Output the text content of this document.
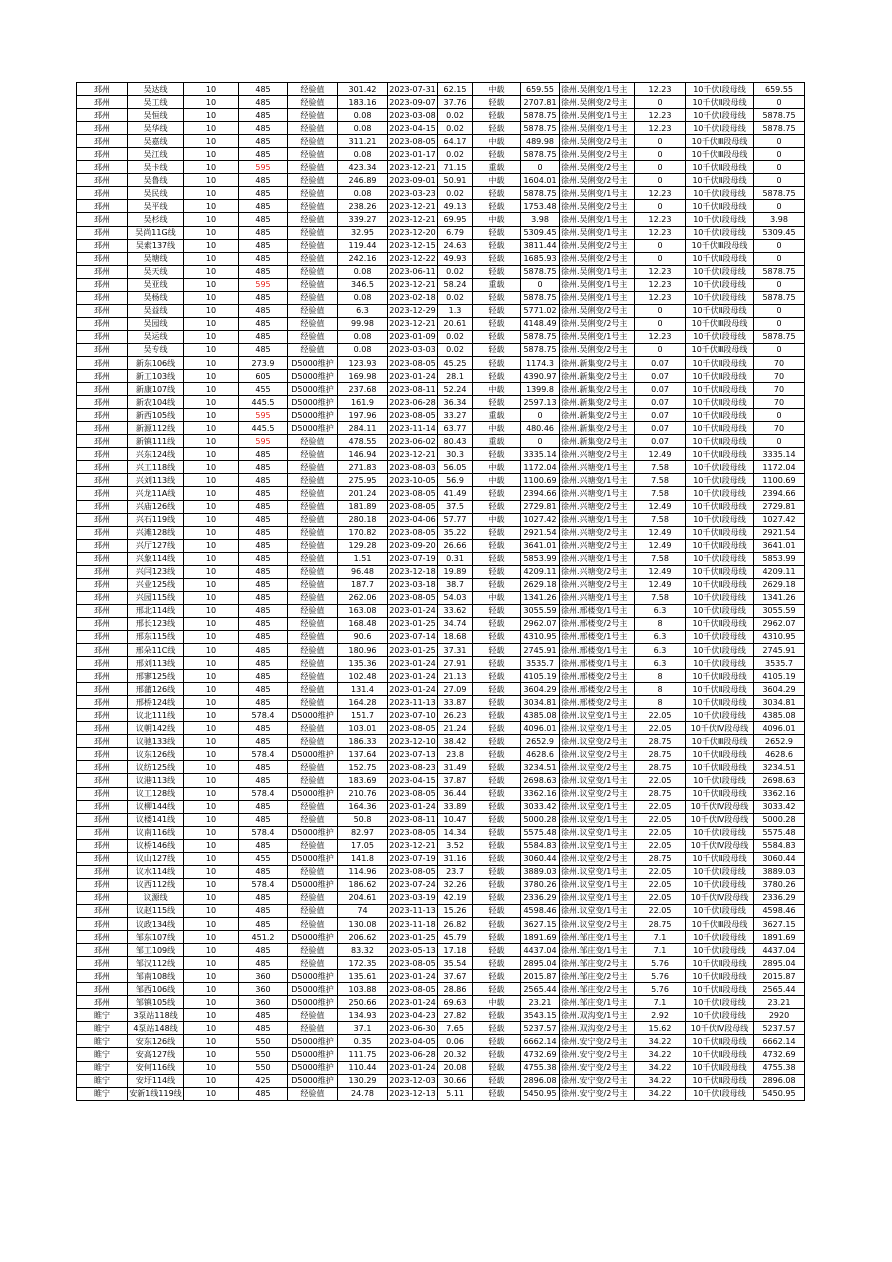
邳州	吴达线	10	485	经验值	301.42	2023-07-31	62.15	中载	659.55	徐州.吴俐变/1号主	12.23	10千伏Ⅰ段母线	659.55
邳州	吴工线	10	485	经验值	183.16	2023-09-07	37.76	轻载	2707.81	徐州.吴俐变/2号主	0	10千伏Ⅱ段母线	0
邳州	吴恒线	10	485	经验值	0.08	2023-03-08	0.02	轻载	5878.75	徐州.吴俐变/1号主	12.23	10千伏Ⅰ段母线	5878.75
邳州	吴华线	10	485	经验值	0.08	2023-04-15	0.02	轻载	5878.75	徐州.吴俐变/1号主	12.23	10千伏Ⅰ段母线	5878.75
邳州	吴嘉线	10	485	经验值	311.21	2023-08-05	64.17	中载	489.98	徐州.吴俐变/2号主	0	10千伏Ⅲ段母线	0
邳州	吴江线	10	485	经验值	0.08	2023-01-17	0.02	轻载	5878.75	徐州.吴俐变/2号主	0	10千伏Ⅲ段母线	0
邳州	吴卡线	10	595	经验值	423.34	2023-12-21	71.15	重载	0	徐州.吴俐变/2号主	0	10千伏Ⅱ段母线	0
邳州	吴鲁线	10	485	经验值	246.89	2023-09-01	50.91	中载	1604.01	徐州.吴俐变/2号主	0	10千伏Ⅱ段母线	0
邳州	吴民线	10	485	经验值	0.08	2023-03-23	0.02	轻载	5878.75	徐州.吴俐变/1号主	12.23	10千伏Ⅰ段母线	5878.75
邳州	吴平线	10	485	经验值	238.26	2023-12-21	49.13	轻载	1753.48	徐州.吴俐变/2号主	0	10千伏Ⅱ段母线	0
邳州	吴杉线	10	485	经验值	339.27	2023-12-21	69.95	中载	3.98	徐州.吴俐变/1号主	12.23	10千伏Ⅰ段母线	3.98
邳州	吴尚11G线	10	485	经验值	32.95	2023-12-20	6.79	轻载	5309.45	徐州.吴俐变/1号主	12.23	10千伏Ⅰ段母线	5309.45
邳州	吴索137线	10	485	经验值	119.44	2023-12-15	24.63	轻载	3811.44	徐州.吴俐变/2号主	0	10千伏Ⅲ段母线	0
邳州	吴塘线	10	485	经验值	242.16	2023-12-22	49.93	轻载	1685.93	徐州.吴俐变/2号主	0	10千伏Ⅱ段母线	0
邳州	吴天线	10	485	经验值	0.08	2023-06-11	0.02	轻载	5878.75	徐州.吴俐变/1号主	12.23	10千伏Ⅰ段母线	5878.75
邳州	吴亚线	10	595	经验值	346.5	2023-12-21	58.24	重载	0	徐州.吴俐变/1号主	12.23	10千伏Ⅰ段母线	0
邳州	吴杨线	10	485	经验值	0.08	2023-02-18	0.02	轻载	5878.75	徐州.吴俐变/1号主	12.23	10千伏Ⅰ段母线	5878.75
邳州	吴益线	10	485	经验值	6.3	2023-12-29	1.3	轻载	5771.02	徐州.吴俐变/2号主	0	10千伏Ⅱ段母线	0
邳州	吴园线	10	485	经验值	99.98	2023-12-21	20.61	轻载	4148.49	徐州.吴俐变/2号主	0	10千伏Ⅲ段母线	0
邳州	吴运线	10	485	经验值	0.08	2023-01-09	0.02	轻载	5878.75	徐州.吴俐变/1号主	12.23	10千伏Ⅰ段母线	5878.75
邳州	吴专线	10	485	经验值	0.08	2023-03-03	0.02	轻载	5878.75	徐州.吴俐变/2号主	0	10千伏Ⅲ段母线	0
邳州	新东106线	10	273.9	D5000维护	123.93	2023-08-05	45.25	轻载	1174.3	徐州.新集变/2号主	0.07	10千伏Ⅱ段母线	70
邳州	新工103线	10	605	D5000维护	169.98	2023-01-24	28.1	轻载	4390.97	徐州.新集变/2号主	0.07	10千伏Ⅱ段母线	70
邳州	新康107线	10	455	D5000维护	237.68	2023-08-11	52.24	中载	1399.8	徐州.新集变/2号主	0.07	10千伏Ⅱ段母线	70
邳州	新农104线	10	445.5	D5000维护	161.9	2023-06-28	36.34	轻载	2597.13	徐州.新集变/2号主	0.07	10千伏Ⅱ段母线	70
邳州	新西105线	10	595	D5000维护	197.96	2023-08-05	33.27	重载	0	徐州.新集变/2号主	0.07	10千伏Ⅱ段母线	0
邳州	新源112线	10	445.5	D5000维护	284.11	2023-11-14	63.77	中载	480.46	徐州.新集变/2号主	0.07	10千伏Ⅱ段母线	70
邳州	新镇111线	10	595	经验值	478.55	2023-06-02	80.43	重载	0	徐州.新集变/2号主	0.07	10千伏Ⅱ段母线	0
邳州	兴东124线	10	485	经验值	146.94	2023-12-21	30.3	轻载	3335.14	徐州.兴塘变/2号主	12.49	10千伏Ⅱ段母线	3335.14
邳州	兴工118线	10	485	经验值	271.83	2023-08-03	56.05	中载	1172.04	徐州.兴塘变/1号主	7.58	10千伏Ⅰ段母线	1172.04
邳州	兴刘113线	10	485	经验值	275.95	2023-10-05	56.9	中载	1100.69	徐州.兴塘变/1号主	7.58	10千伏Ⅰ段母线	1100.69
邳州	兴龙11A线	10	485	经验值	201.24	2023-08-05	41.49	轻载	2394.66	徐州.兴塘变/1号主	7.58	10千伏Ⅰ段母线	2394.66
邳州	兴庙126线	10	485	经验值	181.89	2023-08-05	37.5	轻载	2729.81	徐州.兴塘变/2号主	12.49	10千伏Ⅱ段母线	2729.81
邳州	兴石119线	10	485	经验值	280.18	2023-04-06	57.77	中载	1027.42	徐州.兴塘变/1号主	7.58	10千伏Ⅰ段母线	1027.42
邳州	兴滩128线	10	485	经验值	170.82	2023-08-05	35.22	轻载	2921.54	徐州.兴塘变/2号主	12.49	10千伏Ⅱ段母线	2921.54
邳州	兴厅127线	10	485	经验值	129.28	2023-09-20	26.66	轻载	3641.01	徐州.兴塘变/2号主	12.49	10千伏Ⅱ段母线	3641.01
邳州	兴象114线	10	485	经验值	1.51	2023-07-19	0.31	轻载	5853.99	徐州.兴塘变/1号主	7.58	10千伏Ⅰ段母线	5853.99
邳州	兴闫123线	10	485	经验值	96.48	2023-12-18	19.89	轻载	4209.11	徐州.兴塘变/2号主	12.49	10千伏Ⅱ段母线	4209.11
邳州	兴业125线	10	485	经验值	187.7	2023-03-18	38.7	轻载	2629.18	徐州.兴塘变/2号主	12.49	10千伏Ⅱ段母线	2629.18
邳州	兴园115线	10	485	经验值	262.06	2023-08-05	54.03	中载	1341.26	徐州.兴塘变/1号主	7.58	10千伏Ⅰ段母线	1341.26
邳州	邢北114线	10	485	经验值	163.08	2023-01-24	33.62	轻载	3055.59	徐州.邢楼变/1号主	6.3	10千伏Ⅰ段母线	3055.59
邳州	邢长123线	10	485	经验值	168.48	2023-01-25	34.74	轻载	2962.07	徐州.邢楼变/2号主	8	10千伏Ⅱ段母线	2962.07
邳州	邢东115线	10	485	经验值	90.6	2023-07-14	18.68	轻载	4310.95	徐州.邢楼变/1号主	6.3	10千伏Ⅰ段母线	4310.95
邳州	邢朵11C线	10	485	经验值	180.96	2023-01-25	37.31	轻载	2745.91	徐州.邢楼变/1号主	6.3	10千伏Ⅰ段母线	2745.91
邳州	邢刘113线	10	485	经验值	135.36	2023-01-24	27.91	轻载	3535.7	徐州.邢楼变/1号主	6.3	10千伏Ⅰ段母线	3535.7
邳州	邢寥125线	10	485	经验值	102.48	2023-01-24	21.13	轻载	4105.19	徐州.邢楼变/2号主	8	10千伏Ⅱ段母线	4105.19
邳州	邢蒲126线	10	485	经验值	131.4	2023-01-24	27.09	轻载	3604.29	徐州.邢楼变/2号主	8	10千伏Ⅱ段母线	3604.29
邳州	邢桥124线	10	485	经验值	164.28	2023-11-13	33.87	轻载	3034.81	徐州.邢楼变/2号主	8	10千伏Ⅱ段母线	3034.81
邳州	议北111线	10	578.4	D5000维护	151.7	2023-07-10	26.23	轻载	4385.08	徐州.议堂变/1号主	22.05	10千伏Ⅰ段母线	4385.08
邳州	议朝142线	10	485	经验值	103.01	2023-08-05	21.24	轻载	4096.01	徐州.议堂变/1号主	22.05	10千伏Ⅳ段母线	4096.01
邳州	议驰133线	10	485	经验值	186.33	2023-12-10	38.42	轻载	2652.9	徐州.议堂变/2号主	28.75	10千伏Ⅲ段母线	2652.9
邳州	议东126线	10	578.4	D5000维护	137.64	2023-07-13	23.8	轻载	4628.6	徐州.议堂变/2号主	28.75	10千伏Ⅱ段母线	4628.6
邳州	议纺125线	10	485	经验值	152.75	2023-08-23	31.49	轻载	3234.51	徐州.议堂变/2号主	28.75	10千伏Ⅱ段母线	3234.51
邳州	议港113线	10	485	经验值	183.69	2023-04-15	37.87	轻载	2698.63	徐州.议堂变/1号主	22.05	10千伏Ⅰ段母线	2698.63
邳州	议工128线	10	578.4	D5000维护	210.76	2023-08-05	36.44	轻载	3362.16	徐州.议堂变/2号主	28.75	10千伏Ⅱ段母线	3362.16
邳州	议柳144线	10	485	经验值	164.36	2023-01-24	33.89	轻载	3033.42	徐州.议堂变/1号主	22.05	10千伏Ⅳ段母线	3033.42
邳州	议楼141线	10	485	经验值	50.8	2023-08-11	10.47	轻载	5000.28	徐州.议堂变/1号主	22.05	10千伏Ⅳ段母线	5000.28
邳州	议南116线	10	578.4	D5000维护	82.97	2023-08-05	14.34	轻载	5575.48	徐州.议堂变/1号主	22.05	10千伏Ⅰ段母线	5575.48
邳州	议桥146线	10	485	经验值	17.05	2023-12-21	3.52	轻载	5584.83	徐州.议堂变/1号主	22.05	10千伏Ⅳ段母线	5584.83
邳州	议山127线	10	455	D5000维护	141.8	2023-07-19	31.16	轻载	3060.44	徐州.议堂变/2号主	28.75	10千伏Ⅱ段母线	3060.44
邳州	议水114线	10	485	经验值	114.96	2023-08-05	23.7	轻载	3889.03	徐州.议堂变/1号主	22.05	10千伏Ⅰ段母线	3889.03
邳州	议西112线	10	578.4	D5000维护	186.62	2023-07-24	32.26	轻载	3780.26	徐州.议堂变/1号主	22.05	10千伏Ⅰ段母线	3780.26
邳州	议源线	10	485	经验值	204.61	2023-03-19	42.19	轻载	2336.29	徐州.议堂变/1号主	22.05	10千伏Ⅳ段母线	2336.29
邳州	议赵115线	10	485	经验值	74	2023-11-13	15.26	轻载	4598.46	徐州.议堂变/1号主	22.05	10千伏Ⅰ段母线	4598.46
邳州	议政134线	10	485	经验值	130.08	2023-11-18	26.82	轻载	3627.15	徐州.议堂变/2号主	28.75	10千伏Ⅲ段母线	3627.15
邳州	邹东107线	10	451.2	D5000维护	206.62	2023-01-25	45.79	轻载	1891.69	徐州.邹庄变/1号主	7.1	10千伏Ⅰ段母线	1891.69
邳州	邹工109线	10	485	经验值	83.32	2023-05-13	17.18	轻载	4437.04	徐州.邹庄变/1号主	7.1	10千伏Ⅰ段母线	4437.04
邳州	邹汉112线	10	485	经验值	172.35	2023-08-05	35.54	轻载	2895.04	徐州.邹庄变/2号主	5.76	10千伏Ⅱ段母线	2895.04
邳州	邹南108线	10	360	D5000维护	135.61	2023-01-24	37.67	轻载	2015.87	徐州.邹庄变/2号主	5.76	10千伏Ⅱ段母线	2015.87
邳州	邹西106线	10	360	D5000维护	103.88	2023-08-05	28.86	轻载	2565.44	徐州.邹庄变/2号主	5.76	10千伏Ⅱ段母线	2565.44
邳州	邹镇105线	10	360	D5000维护	250.66	2023-01-24	69.63	中载	23.21	徐州.邹庄变/1号主	7.1	10千伏Ⅰ段母线	23.21
睢宁	3泵站118线	10	485	经验值	134.93	2023-04-23	27.82	轻载	3543.15	徐州.双沟变/1号主	2.92	10千伏Ⅰ段母线	2920
睢宁	4泵站148线	10	485	经验值	37.1	2023-06-30	7.65	轻载	5237.57	徐州.双沟变/2号主	15.62	10千伏Ⅳ段母线	5237.57
睢宁	安东126线	10	550	D5000维护	0.35	2023-04-05	0.06	轻载	6662.14	徐州.安宁变/2号主	34.22	10千伏Ⅱ段母线	6662.14
睢宁	安高127线	10	550	D5000维护	111.75	2023-06-28	20.32	轻载	4732.69	徐州.安宁变/2号主	34.22	10千伏Ⅱ段母线	4732.69
睢宁	安何116线	10	550	D5000维护	110.44	2023-01-24	20.08	轻载	4755.38	徐州.安宁变/2号主	34.22	10千伏Ⅱ段母线	4755.38
睢宁	安圩114线	10	425	D5000维护	130.29	2023-12-03	30.66	轻载	2896.08	徐州.安宁变/2号主	34.22	10千伏Ⅱ段母线	2896.08
睢宁	安新1线119线	10	485	经验值	24.78	2023-12-13	5.11	轻载	5450.95	徐州.安宁变/2号主	34.22	10千伏Ⅰ段母线	5450.95
